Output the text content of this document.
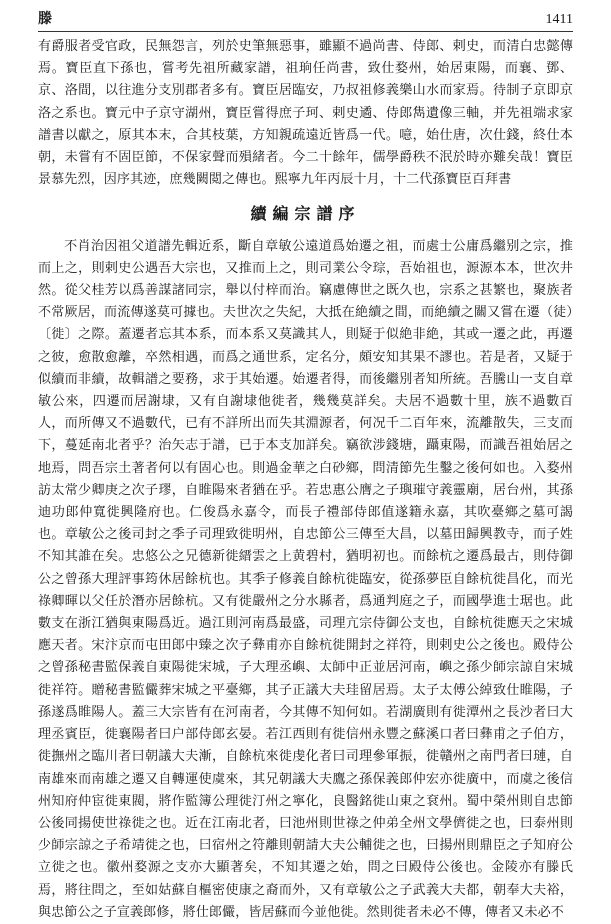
滕	1411

有爵服者受官政，民無怨言，列於史筆無惡事，雖顯不過尚書、侍郎、剌史，而清白忠懿傳焉。寶臣直下孫也，嘗考先祖所藏家譜，祖珦任尚書，致仕婺州，始居東陽，而襄、鄧、京、洛間，以往進分支別郡者多有。寶臣居臨安，乃叔祖修義樂山水而家焉。待制子京即京洛之系也。寶元中子京守湖州，寶臣嘗得庶子珂、剌史遹、侍郎雋遺像三軸，并先祖端求家譜書以獻之，原其本末，合其枝葉，方知親疏遠近皆爲一代。噫，始仕唐，次仕錢，終仕本朝，未嘗有不固臣節，不保家聲而殞緒者。今二十餘年，儒學爵秩不泯於時亦難矣哉！寶臣景慕先烈，因序其迹，庶幾闕閲之傳也。熙寧九年丙辰十月，十二代孫寶臣百拜書

續編宗譜序

不肖治因祖父道譜先輯近系，斷自章敏公遠道爲始遷之祖，而處士公庸爲繼别之宗，推而上之，則剌史公遇吾大宗也，又推而上之，則司業公令琮，吾始祖也，源源本本，世次井然。從父桂芳以爲善謀諸同宗，舉以付梓而治。竊慮傳世之既久也，宗系之甚繁也，聚族者不常厥居，而流傳遂莫可據也。夫世次之失紀，大抵在絶續之間，而絶續之關又嘗在遷（徒）〔徙〕之際。蓋遷者忘其本系，而本系又莫識其人，則疑于似絶非絶，其或一遷之此，再遷之彼，愈散愈離，卒然相遇，而爲之通世系，定名分，頗安知其果不謬也。若是者，又疑于似續而非續，故輯譜之要務，求于其始遷。始遷者得，而後繼別者知所統。吾騰山一支自章敏公來，四遷而居謝埭，又有自謝埭他徙者，幾幾莫詳矣。夫居不過數十里，族不過數百人，而所傳又不過數代，已有不詳所出而失其淵源者，何况千二百年來，流離散失，三支而下，蔓延南北者乎？治矢志于譜，已于本支加詳矣。竊欲涉錢塘，躡東陽，而識吾祖始居之地焉，問吾宗土著者何以有固心也。則過金華之白砂鄉，問清節先生鑿之後何如也。入婺州訪太常少卿庚之次子璆，自睢陽來者猶在乎。若忠惠公膺之子璵璀守義靈廟，居台州，其孫迪功郎仲寬徙興隆府也。仁俊爲永嘉令，而長子禮部侍郎值遂籍永嘉，其吹臺鄉之墓可謁也。章敏公之後司封之季子司理致徙明州，自忠節公三傳至大昌，以墓田歸興教寺，而子姓不知其誰在矣。忠悠公之兄德新徙縉雲之上黄碧村，猶明初也。而餘杭之遷爲最古，則侍御公之曾孫大理評事筠休居餘杭也。其季子修義自餘杭徙臨安，從孫夢臣自餘杭徙昌化，而光祿卿暉以父任於潛亦居餘杭。又有徙嚴州之分水縣者，爲通判庭之子，而國學進士琚也。此數支在浙江猶與東陽爲近。過江則河南爲最盛，司理亢宗侍御公支也，自餘杭徙應天之宋城應天者。宋汴京而屯田郎中臻之次子彝甫亦自餘杭徙開封之祥符，則剌史公之後也。殿侍公之曾孫秘書監保義自東陽徙宋城，子大理丞嶼、太師中正並居河南，嶼之孫少師宗諒自宋城徙祥符。贈秘書監儼葬宋城之平臺鄉，其子正議大夫珪留居焉。太子太傅公綽致仕睢陽，子孫遂爲睢陽人。蓋三大宗皆有在河南者，今其傳不知何如。若湖廣則有徙潭州之長沙者曰大理丞賓臣，徙襄陽者曰户部侍郎玄晏。若江西則有徙信州永豐之蘇溪口者曰彝甫之子伯方，徙撫州之臨川者曰朝議大夫漸，自餘杭來徙虔化者曰司理參軍振，徙贛州之南門者曰璉，自南雄來而南雄之遷又自轉運使虞來，其兄朝議大夫鷹之孫保義郎仲宏亦徙廣中，而虞之後信州知府仲宦徙東閥，將作監簿公理徙汀州之寧化，良醫銘徙山東之袞州。蜀中榮州則自忠節公後同揚使世祿徙之也。近在江南北者，曰池州則世祿之仲弟全州文學儕徙之也，曰泰州則少師宗諒之子希靖徙之也，曰宿州之符離則朝請大夫公輔徙之也，曰揚州則鼎臣之子知府公立徙之也。徽州婺源之支亦大顯著矣，不知其遷之始，問之曰殿侍公後也。金陵亦有滕氏焉，將往問之，至如姑蘇自樞密使康之裔而外，又有章敏公之子武義大夫都，朝奉大夫裕，與忠節公之子宣義郎修，將仕郎儼，皆居蘇而今並他徙。然則徙者未必不傳，傳者又未必不
